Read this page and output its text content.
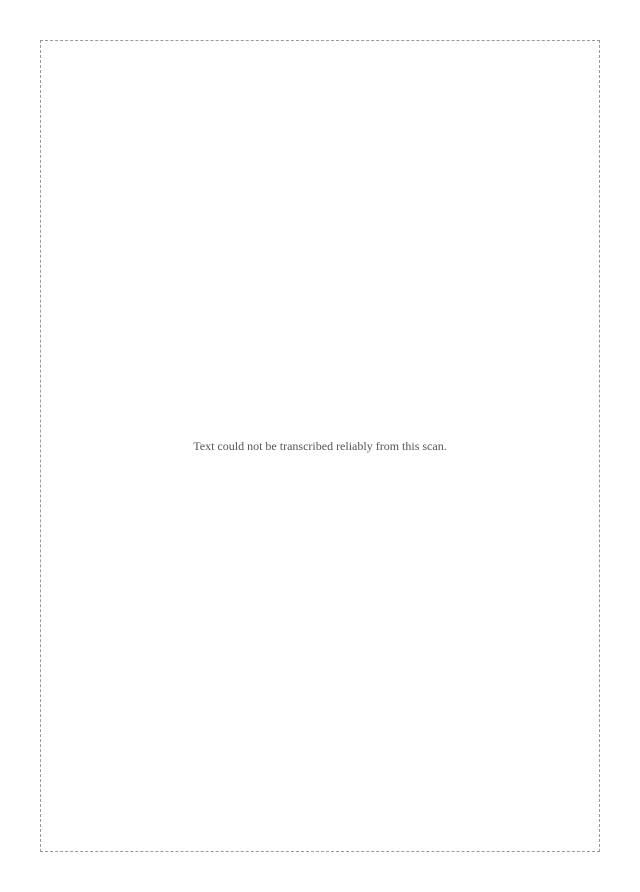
Text could not be transcribed reliably from this scan.
